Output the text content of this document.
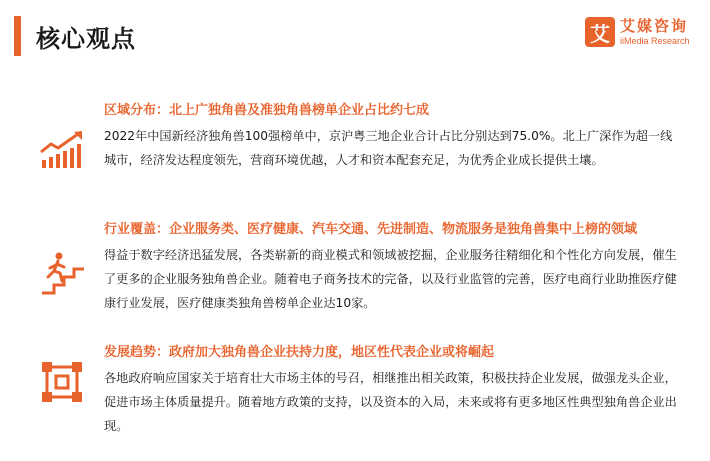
核心观点	艾 艾媒咨询
iiMedia Research
区域分布：北上广独角兽及准独角兽榜单企业占比约七成
2022年中国新经济独角兽100强榜单中，京沪粤三地企业合计占比分别达到75.0%。北上广深作为超一线城市，经济发达程度领先，营商环境优越，人才和资本配套充足，为优秀企业成长提供土壤。
行业覆盖：企业服务类、医疗健康、汽车交通、先进制造、物流服务是独角兽集中上榜的领域
得益于数字经济迅猛发展，各类崭新的商业模式和领域被挖掘，企业服务往精细化和个性化方向发展，催生了更多的企业服务独角兽企业。随着电子商务技术的完备，以及行业监管的完善，医疗电商行业助推医疗健康行业发展，医疗健康类独角兽榜单企业达10家。
发展趋势：政府加大独角兽企业扶持力度，地区性代表企业或将崛起
各地政府响应国家关于培育壮大市场主体的号召，相继推出相关政策，积极扶持企业发展，做强龙头企业，促进市场主体质量提升。随着地方政策的支持，以及资本的入局，未来或将有更多地区性典型独角兽企业出现。
